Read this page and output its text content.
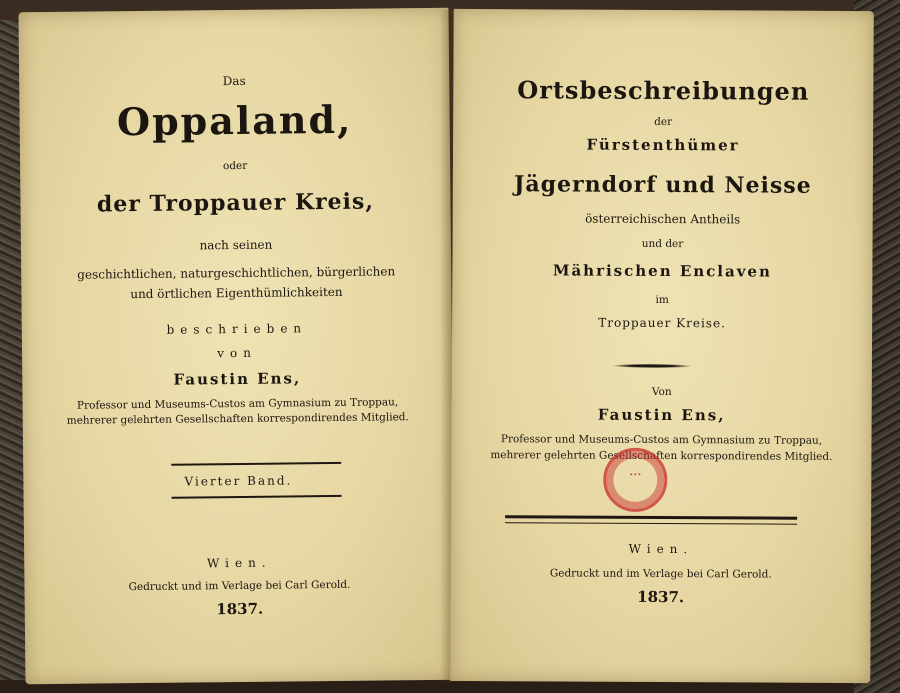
Das
Oppaland,
oder
der Troppauer Kreis,
nach seinen
geschichtlichen, naturgeschichtlichen, bürgerlichen
und örtlichen Eigenthümlichkeiten
beschrieben
von
Faustin Ens,
Professor und Museums-Custos am Gymnasium zu Troppau,
mehrerer gelehrten Gesellschaften korrespondirendes Mitglied.
Vierter Band.
Wien.
Gedruckt und im Verlage bei Carl Gerold.
1837.
Ortsbeschreibungen
der
Fürstenthümer
Jägerndorf und Neisse
österreichischen Antheils
und der
Mährischen Enclaven
im
Troppauer Kreise.
Von
Faustin Ens,
Professor und Museums-Custos am Gymnasium zu Troppau,
mehrerer gelehrten Gesellschaften korrespondirendes Mitglied.
•••
Wien.
Gedruckt und im Verlage bei Carl Gerold.
1837.
